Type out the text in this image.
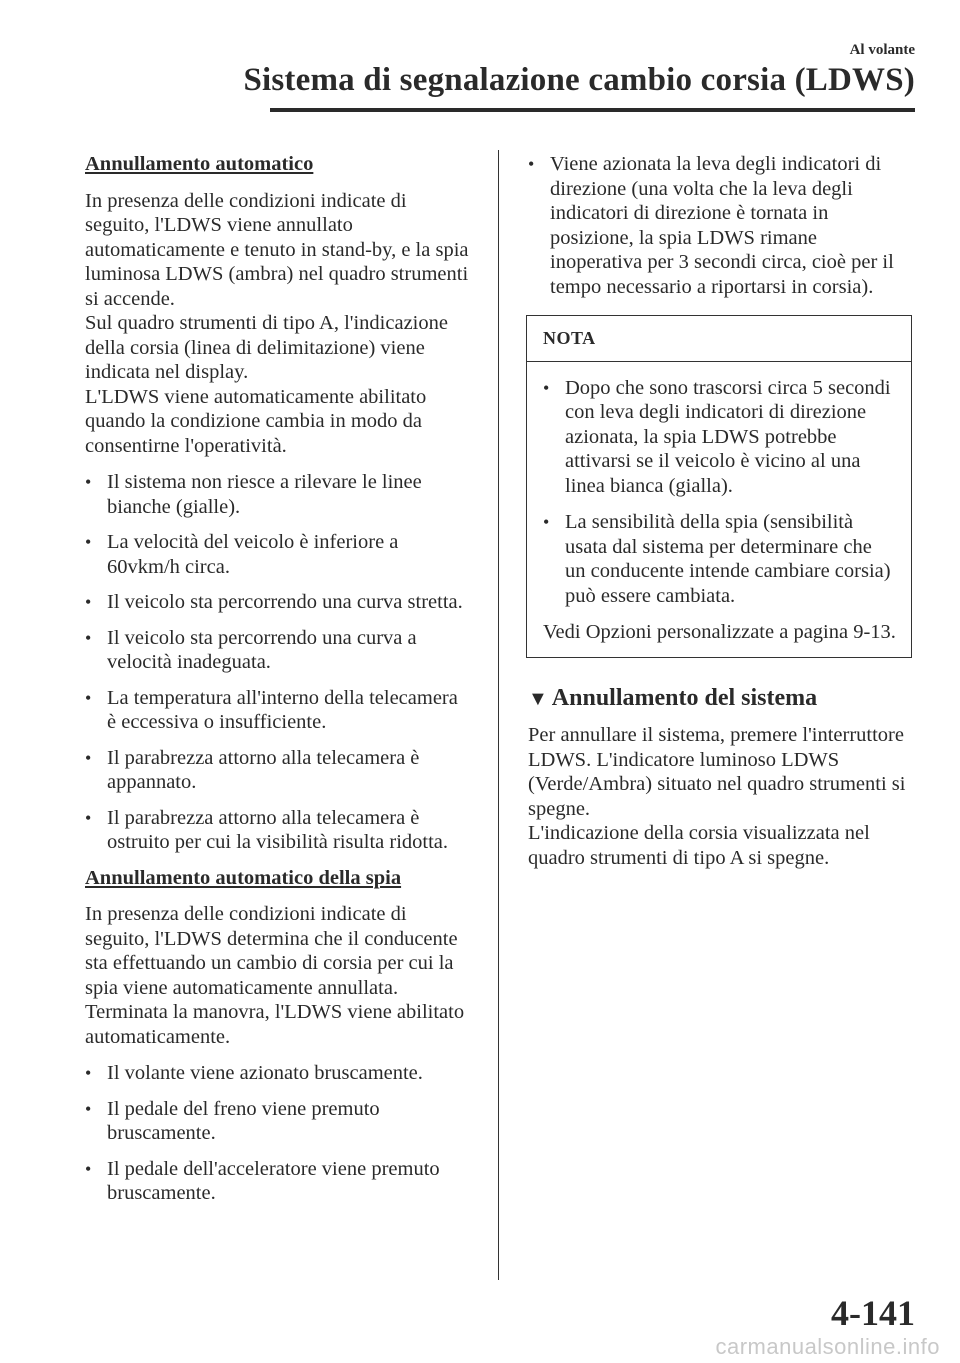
Al volante
Sistema di segnalazione cambio corsia (LDWS)
Annullamento automatico

In presenza delle condizioni indicate di seguito, l'LDWS viene annullato automaticamente e tenuto in stand-by, e la spia luminosa LDWS (ambra) nel quadro strumenti si accende.

Sul quadro strumenti di tipo A, l'indicazione della corsia (linea di delimitazione) viene indicata nel display.

L'LDWS viene automaticamente abilitato quando la condizione cambia in modo da consentirne l'operatività.

• Il sistema non riesce a rilevare le linee bianche (gialle).
• La velocità del veicolo è inferiore a 60vkm/h circa.
• Il veicolo sta percorrendo una curva stretta.
• Il veicolo sta percorrendo una curva a velocità inadeguata.
• La temperatura all'interno della telecamera è eccessiva o insufficiente.
• Il parabrezza attorno alla telecamera è appannato.
• Il parabrezza attorno alla telecamera è ostruito per cui la visibilità risulta ridotta.
Annullamento automatico della spia

In presenza delle condizioni indicate di seguito, l'LDWS determina che il conducente sta effettuando un cambio di corsia per cui la spia viene automaticamente annullata.

Terminata la manovra, l'LDWS viene abilitato automaticamente.

• Il volante viene azionato bruscamente.
• Il pedale del freno viene premuto bruscamente.
• Il pedale dell'acceleratore viene premuto bruscamente.
• Viene azionata la leva degli indicatori di direzione (una volta che la leva degli indicatori di direzione è tornata in posizione, la spia LDWS rimane inoperativa per 3 secondi circa, cioè per il tempo necessario a riportarsi in corsia).
NOTA
• Dopo che sono trascorsi circa 5 secondi con leva degli indicatori di direzione azionata, la spia LDWS potrebbe attivarsi se il veicolo è vicino al una linea bianca (gialla).
• La sensibilità della spia (sensibilità usata dal sistema per determinare che un conducente intende cambiare corsia) può essere cambiata.

Vedi Opzioni personalizzate a pagina 9-13.

▼ Annullamento del sistema

Per annullare il sistema, premere l'interruttore LDWS. L'indicatore luminoso LDWS (Verde/Ambra) situato nel quadro strumenti si spegne.

L'indicazione della corsia visualizzata nel quadro strumenti di tipo A si spegne.

4-141
carmanualsonline.info
